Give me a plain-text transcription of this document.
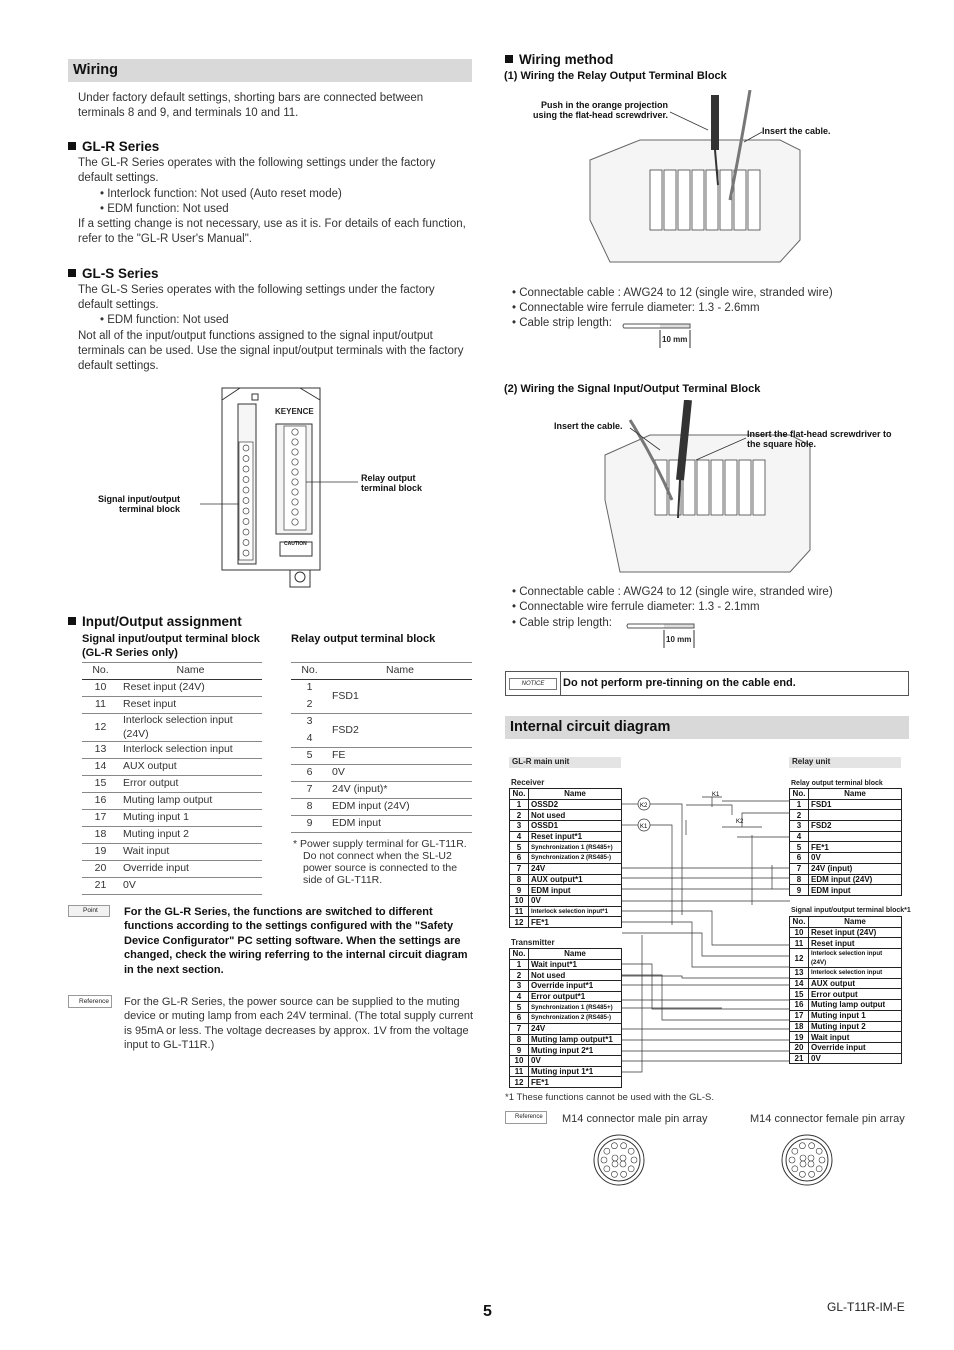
Wiring
Under factory default settings, shorting bars are connected between terminals 8 and 9, and terminals 10 and 11.
GL-R Series
The GL-R Series operates with the following settings under the factory default settings.
• Interlock function: Not used (Auto reset mode)
• EDM function: Not used
If a setting change is not necessary, use as it is. For details of each function, refer to the "GL-R User's Manual".
GL-S Series
The GL-S Series operates with the following settings under the factory default settings.
• EDM function: Not used
Not all of the input/output functions assigned to the signal input/output terminals can be used. Use the signal input/output terminals with the factory default settings.
KEYENCE
CAUTION
Signal input/output terminal block
Relay output terminal block
Input/Output assignment
Signal input/output terminal block (GL-R Series only)
Relay output terminal block
No.	Name
10	Reset input (24V)
11	Reset input
12	Interlock selection input (24V)
13	Interlock selection input
14	AUX output
15	Error output
16	Muting lamp output
17	Muting input 1
18	Muting input 2
19	Wait input
20	Override input
21	0V
No.	Name
1	FSD1
2	
3	FSD2
4	
5	FE
6	0V
7	24V (input)*
8	EDM input (24V)
9	EDM input
* Power supply terminal for GL-T11R. Do not connect when the SL-U2 power source is connected to the side of GL-T11R.
Point	For the GL-R Series, the functions are switched to different functions according to the settings configured with the "Safety Device Configurator" PC setting software. When the settings are changed, check the wiring referring to the internal circuit diagram in the next section.
Reference For the GL-R Series, the power source can be supplied to the muting device or muting lamp from each 24V terminal. (The total supply current is 95mA or less. The voltage decreases by approx. 1V from the voltage input to GL-T11R.)
Wiring method
(1) Wiring the Relay Output Terminal Block
Push in the orange projection using the flat-head screwdriver.
Insert the cable.
• Connectable cable : AWG24 to 12 (single wire, stranded wire)
• Connectable wire ferrule diameter: 1.3 - 2.6mm
• Cable strip length:
10 mm
(2) Wiring the Signal Input/Output Terminal Block
Insert the cable.
Insert the flat-head screwdriver to the square hole.
• Connectable cable : AWG24 to 12 (single wire, stranded wire)
• Connectable wire ferrule diameter: 1.3 - 2.1mm
• Cable strip length:
10 mm
NOTICE	Do not perform pre-tinning on the cable end.
Internal circuit diagram
GL-R main unit	Relay unit
Receiver
No.	Name
1	OSSD2
2	Not used
3	OSSD1
4	Reset input*1
5	Synchronization 1 (RS485+)
6	Synchronization 2 (RS485-)
7	24V
8	AUX output*1
9	EDM input
10	0V
11	Interlock selection input*1
12	FE*1
Transmitter
No.	Name
1	Wait input*1
2	Not used
3	Override input*1
4	Error output*1
5	Synchronization 1 (RS485+)
6	Synchronization 2 (RS485-)
7	24V
8	Muting lamp output*1
9	Muting input 2*1
10	0V
11	Muting input 1*1
12	FE*1
Relay output terminal block
No.	Name
1	FSD1
2	
3	FSD2
4	
5	FE*1
6	0V
7	24V (input)
8	EDM input (24V)
9	EDM input
Signal input/output terminal block*1
No.	Name
10	Reset input (24V)
11	Reset input
12	Interlock selection input (24V)
13	Interlock selection input
14	AUX output
15	Error output
16	Muting lamp output
17	Muting input 1
18	Muting input 2
19	Wait input
20	Override input
21	0V
K2
K1
K1
K2
*1 These functions cannot be used with the GL-S.
Reference	M14 connector male pin array	M14 connector female pin array
5	GL-T11R-IM-E
